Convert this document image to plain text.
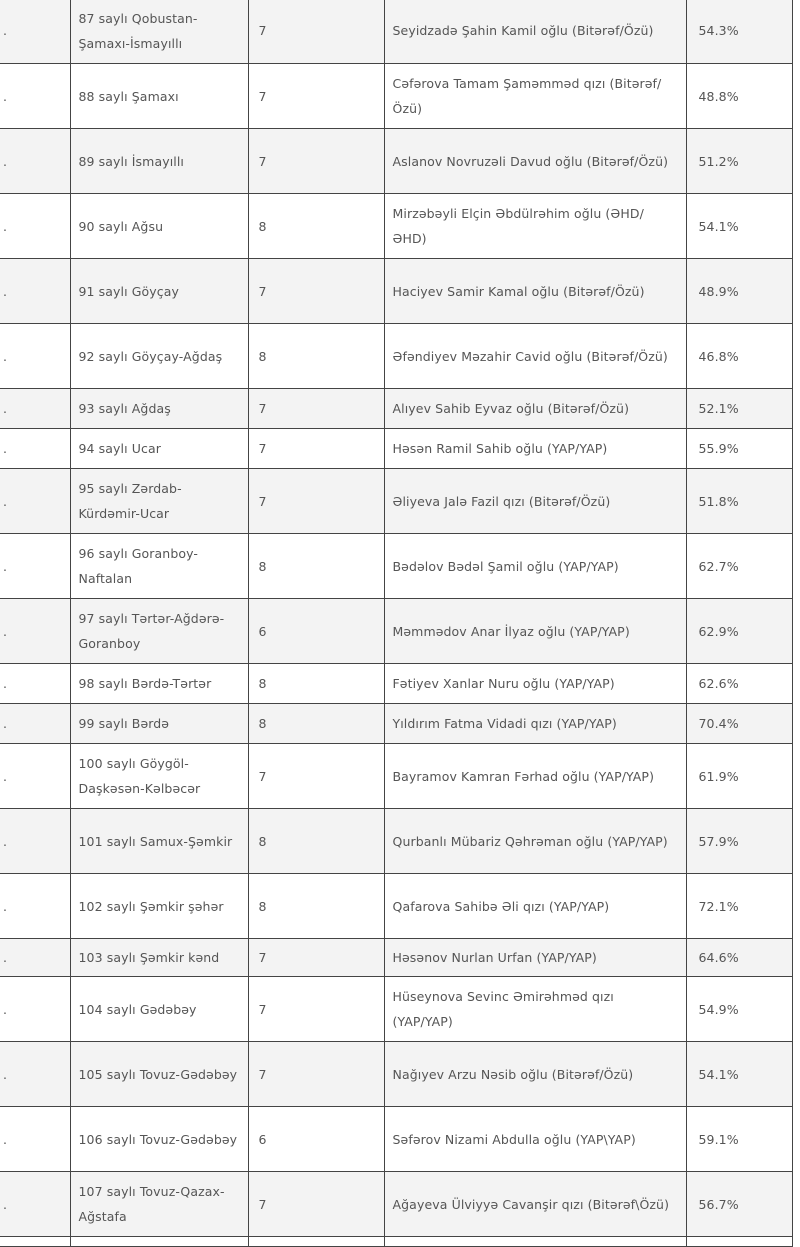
.	87 saylı Qobustan-Şamaxı-İsmayıllı	7	Seyidzadə Şahin Kamil oğlu (Bitərəf/Özü)	54.3%
.	88 saylı Şamaxı	7	Cəfərova Tamam Şaməmməd qızı (Bitərəf/Özü)	48.8%
.	89 saylı İsmayıllı	7	Aslanov Novruzəli Davud oğlu (Bitərəf/Özü)	51.2%
.	90 saylı Ağsu	8	Mirzəbəyli Elçin Əbdülrəhim oğlu (ƏHD/ƏHD)	54.1%
.	91 saylı Göyçay	7	Haciyev Samir Kamal oğlu (Bitərəf/Özü)	48.9%
.	92 saylı Göyçay-Ağdaş	8	Əfəndiyev Məzahir Cavid oğlu (Bitərəf/Özü)	46.8%
.	93 saylı Ağdaş	7	Alıyev Sahib Eyvaz oğlu (Bitərəf/Özü)	52.1%
.	94 saylı Ucar	7	Həsən Ramil Sahib oğlu (YAP/YAP)	55.9%
.	95 saylı Zərdab-Kürdəmir-Ucar	7	Əliyeva Jalə Fazil qızı (Bitərəf/Özü)	51.8%
.	96 saylı Goranboy-Naftalan	8	Bədəlov Bədəl Şamil oğlu (YAP/YAP)	62.7%
.	97 saylı Tərtər-Ağdərə-Goranboy	6	Məmmədov Anar İlyaz oğlu (YAP/YAP)	62.9%
.	98 saylı Bərdə-Tərtər	8	Fətiyev Xanlar Nuru oğlu (YAP/YAP)	62.6%
.	99 saylı Bərdə	8	Yıldırım Fatma Vidadi qızı (YAP/YAP)	70.4%
.	100 saylı Göygöl-Daşkəsən-Kəlbəcər	7	Bayramov Kamran Fərhad oğlu (YAP/YAP)	61.9%
.	101 saylı Samux-Şəmkir	8	Qurbanlı Mübariz Qəhrəman oğlu (YAP/YAP)	57.9%
.	102 saylı Şəmkir şəhər	8	Qafarova Sahibə Əli qızı (YAP/YAP)	72.1%
.	103 saylı Şəmkir kənd	7	Həsənov Nurlan Urfan (YAP/YAP)	64.6%
.	104 saylı Gədəbəy	7	Hüseynova Sevinc Əmirəhməd qızı (YAP/YAP)	54.9%
.	105 saylı Tovuz-Gədəbəy	7	Nağıyev Arzu Nəsib oğlu (Bitərəf/Özü)	54.1%
.	106 saylı Tovuz-Gədəbəy	6	Səfərov Nizami Abdulla oğlu (YAP\YAP)	59.1%
.	107 saylı Tovuz-Qazax-Ağstafa	7	Ağayeva Ülviyyə Cavanşir qızı (Bitərəf\Özü)	56.7%
